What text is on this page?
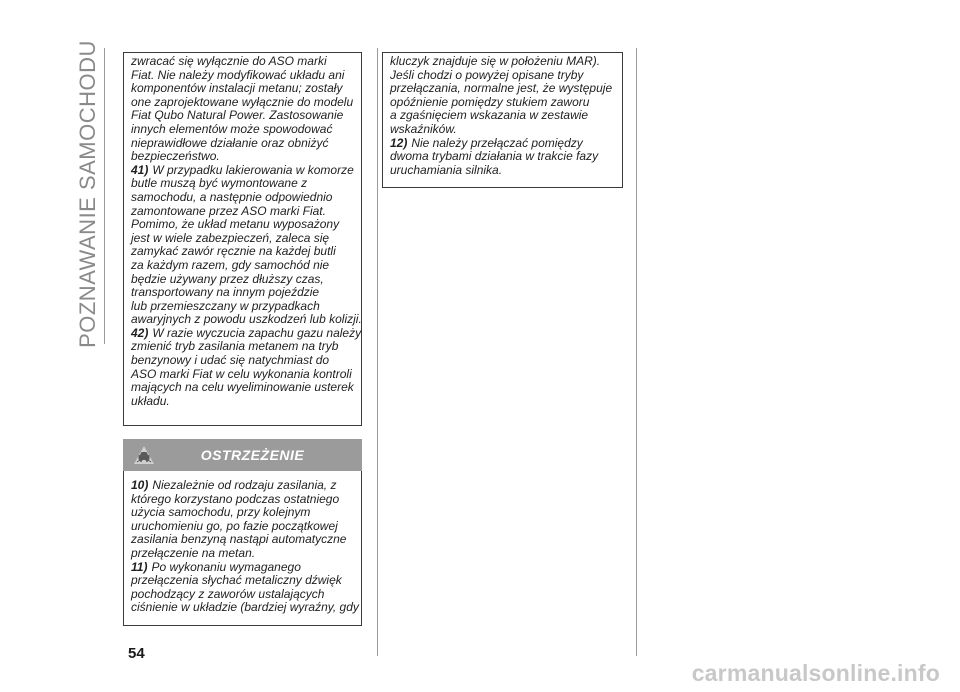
POZNAWANIE SAMOCHODU	zwracać się wyłącznie do ASO marki

Fiat. Nie należy modyfikować układu ani

komponentów instalacji metanu; zostały

one zaprojektowane wyłącznie do modelu

Fiat Qubo Natural Power. Zastosowanie

innych elementów może spowodować

nieprawidłowe działanie oraz obniżyć

bezpieczeństwo.

41) W przypadku lakierowania w komorze

butle muszą być wymontowane z

samochodu, a następnie odpowiednio

zamontowane przez ASO marki Fiat.

Pomimo, że układ metanu wyposażony

jest w wiele zabezpieczeń, zaleca się

zamykać zawór ręcznie na każdej butli

za każdym razem, gdy samochód nie

będzie używany przez dłuższy czas,

transportowany na innym pojeździe

lub przemieszczany w przypadkach

awaryjnych z powodu uszkodzeń lub kolizji.

42) W razie wyczucia zapachu gazu należy

zmienić tryb zasilania metanem na tryb

benzynowy i udać się natychmiast do

ASO marki Fiat w celu wykonania kontroli

mających na celu wyeliminowanie usterek

układu.

OSTRZEŻENIE

10) Niezależnie od rodzaju zasilania, z

którego korzystano podczas ostatniego

użycia samochodu, przy kolejnym

uruchomieniu go, po fazie początkowej

zasilania benzyną nastąpi automatyczne

przełączenie na metan.

11) Po wykonaniu wymaganego

przełączenia słychać metaliczny dźwięk

pochodzący z zaworów ustalających

ciśnienie w układzie (bardziej wyraźny, gdy

kluczyk znajduje się w położeniu MAR).

Jeśli chodzi o powyżej opisane tryby

przełączania, normalne jest, że występuje

opóźnienie pomiędzy stukiem zaworu

a zgaśnięciem wskazania w zestawie

wskaźników.

12) Nie należy przełączać pomiędzy

dwoma trybami działania w trakcie fazy

uruchamiania silnika.

54
carmanualsonline.info
